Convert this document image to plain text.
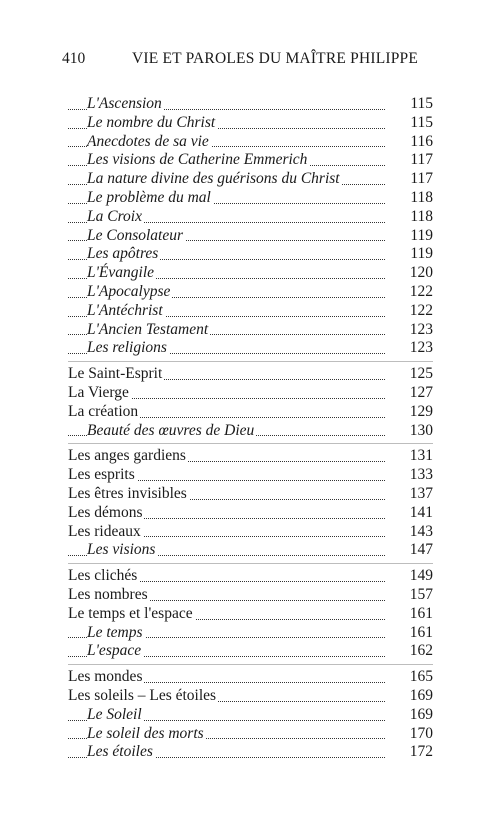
410	VIE ET PAROLES DU MAÎTRE PHILIPPE
L'Ascension	115
Le nombre du Christ	115
Anecdotes de sa vie	116
Les visions de Catherine Emmerich	117
La nature divine des guérisons du Christ	117
Le problème du mal	118
La Croix	118
Le Consolateur	119
Les apôtres	119
L'Évangile	120
L'Apocalypse	122
L'Antéchrist	122
L'Ancien Testament	123
Les religions	123
Le Saint-Esprit	125
La Vierge	127
La création	129
Beauté des œuvres de Dieu	130
Les anges gardiens	131
Les esprits	133
Les êtres invisibles	137
Les démons	141
Les rideaux	143
Les visions	147
Les clichés	149
Les nombres	157
Le temps et l'espace	161
Le temps	161
L'espace	162
Les mondes	165
Les soleils – Les étoiles	169
Le Soleil	169
Le soleil des morts	170
Les étoiles	172
